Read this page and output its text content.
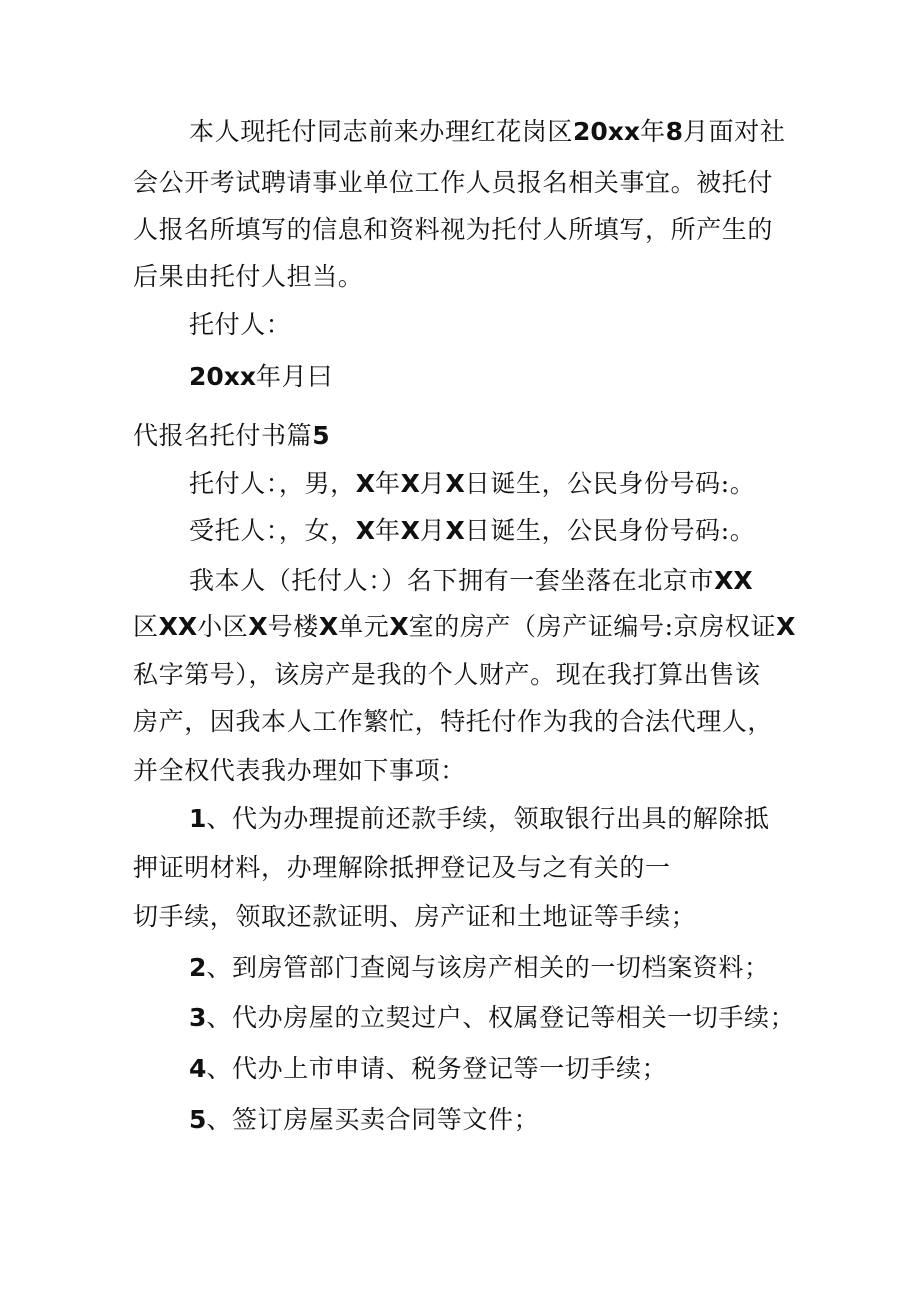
本人现托付同志前来办理红花岗区20xx年8月面对社
会公开考试聘请事业单位工作人员报名相关事宜。被托付
人报名所填写的信息和资料视为托付人所填写，所产生的
后果由托付人担当。
托付人：
20xx年月曰
代报名托付书篇5
托付人：，男，X年X月X日诞生，公民身份号码:。
受托人：，女，X年X月X日诞生，公民身份号码:。
我本人（托付人：）名下拥有一套坐落在北京市XX
区XX小区X号楼X单元X室的房产（房产证编号:京房权证X
私字第号），该房产是我的个人财产。现在我打算出售该
房产，因我本人工作繁忙，特托付作为我的合法代理人，
并全权代表我办理如下事项：
1、代为办理提前还款手续，领取银行出具的解除抵
押证明材料，办理解除抵押登记及与之有关的一
切手续，领取还款证明、房产证和土地证等手续；
2、到房管部门查阅与该房产相关的一切档案资料；
3、代办房屋的立契过户、权属登记等相关一切手续；
4、代办上市申请、税务登记等一切手续；
5、签订房屋买卖合同等文件；
